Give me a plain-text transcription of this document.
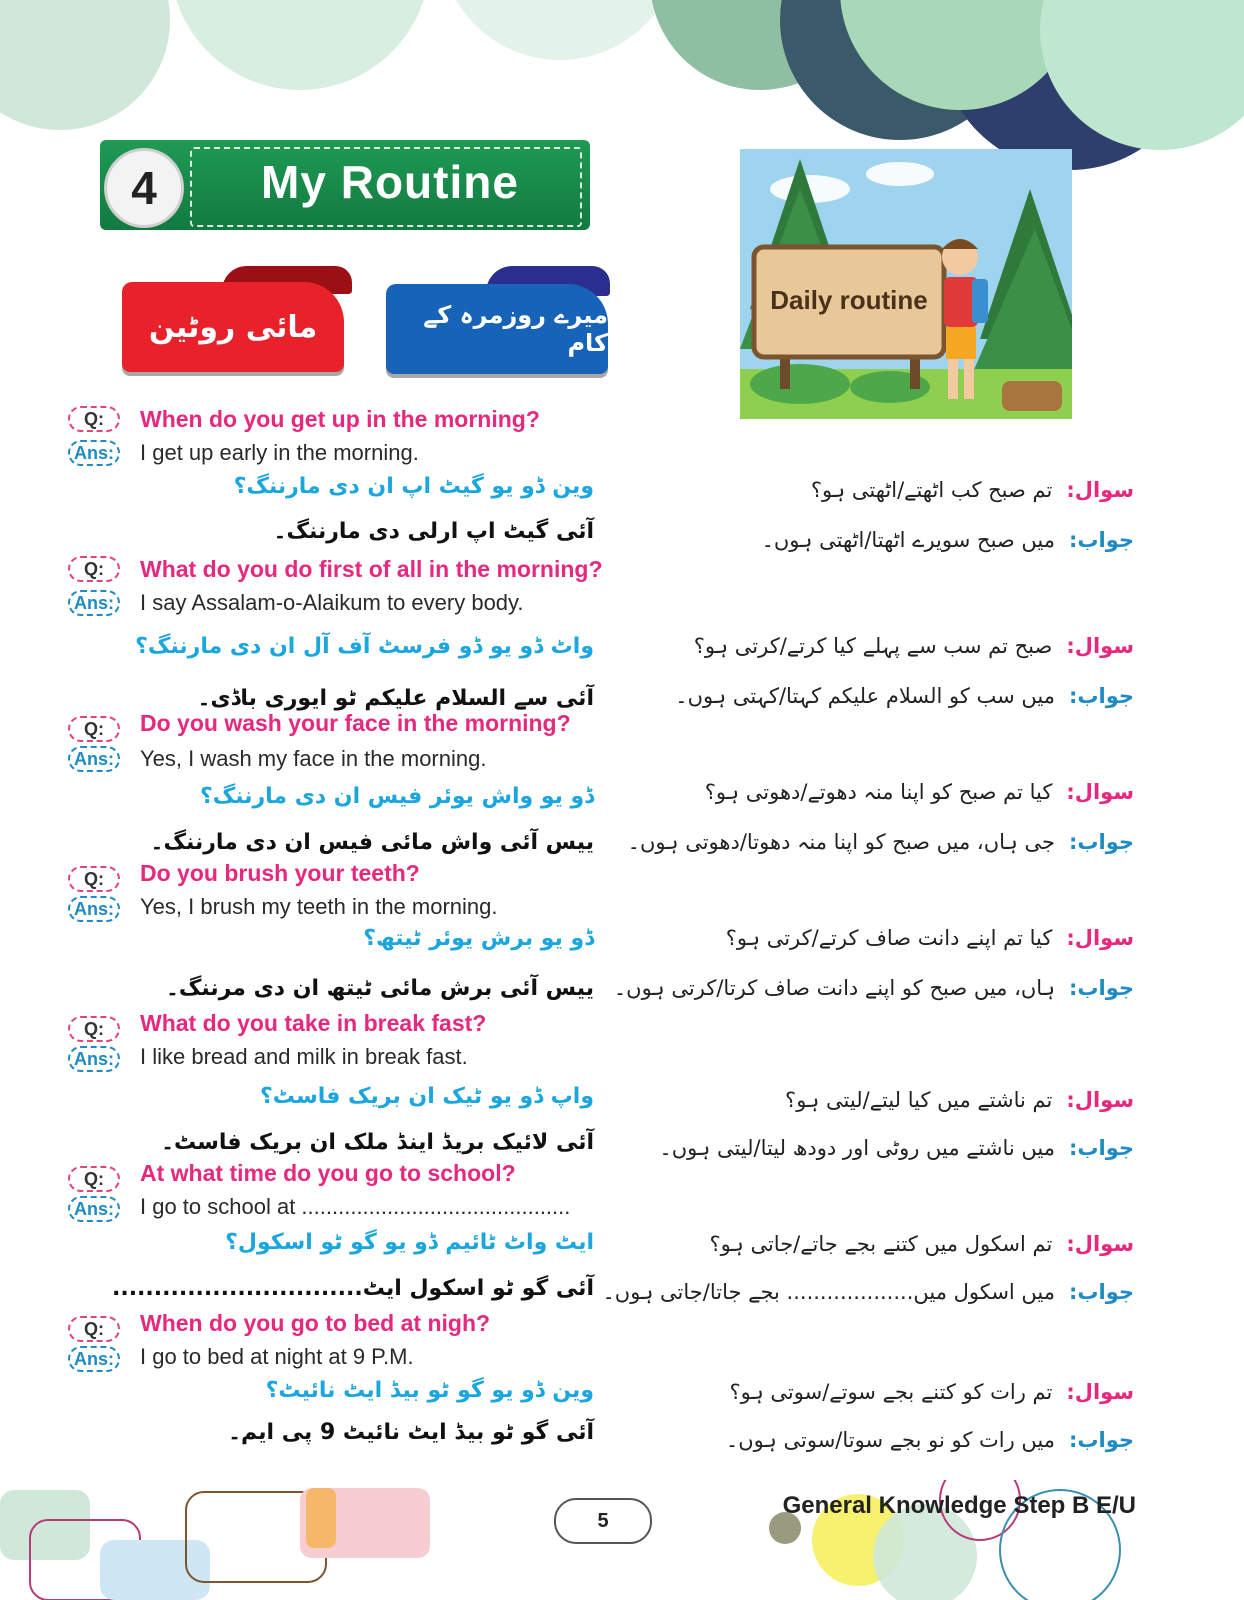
4	My Routine
مائی روٹین	میرے روزمرہ کے کام
Daily routine
Q:	When do you get up in the morning?
Ans: I get up early in the morning.
وین ڈو یو گیٹ اپ ان دی مارننگ؟
آئی گیٹ اپ ارلی دی مارننگ۔
سوال:تم صبح کب اٹھتے/اٹھتی ہو؟
جواب:میں صبح سویرے اٹھتا/اٹھتی ہوں۔
Q:	What do you do first of all in the morning?
Ans: I say Assalam-o-Alaikum to every body.
واٹ ڈو یو ڈو فرسٹ آف آل ان دی مارننگ؟
آئی سے السلام علیکم ٹو ایوری باڈی۔
سوال:صبح تم سب سے پہلے کیا کرتے/کرتی ہو؟
جواب:میں سب کو السلام علیکم کہتا/کہتی ہوں۔
Q:	Do you wash your face in the morning?
Ans: Yes, I wash my face in the morning.
ڈو یو واش یوئر فیس ان دی مارننگ؟
ییس آئی واش مائی فیس ان دی مارننگ۔
سوال:کیا تم صبح کو اپنا منہ دھوتے/دھوتی ہو؟
جواب:جی ہاں، میں صبح کو اپنا منہ دھوتا/دھوتی ہوں۔
Q:	Do you brush your teeth?
Ans: Yes, I brush my teeth in the morning.
ڈو یو برش یوئر ٹیتھ؟
ییس آئی برش مائی ٹیتھ ان دی مرننگ۔
سوال:کیا تم اپنے دانت صاف کرتے/کرتی ہو؟
جواب:ہاں، میں صبح کو اپنے دانت صاف کرتا/کرتی ہوں۔
Q:	What do you take in break fast?
Ans: I like bread and milk in break fast.
واپ ڈو یو ٹیک ان بریک فاسٹ؟
آئی لائیک بریڈ اینڈ ملک ان بریک فاسٹ۔
سوال:تم ناشتے میں کیا لیتے/لیتی ہو؟
جواب:میں ناشتے میں روٹی اور دودھ لیتا/لیتی ہوں۔
Q:	At what time do you go to school?
Ans: I go to school at ............................................
ایٹ واٹ ٹائیم ڈو یو گو ٹو اسکول؟
آئی گو ٹو اسکول ایٹ..............................
سوال:تم اسکول میں کتنے بجے جاتے/جاتی ہو؟
جواب:میں اسکول میں................... بجے جاتا/جاتی ہوں۔
Q:	When do you go to bed at nigh?
Ans: I go to bed at night at 9 P.M.
وین ڈو یو گو ٹو بیڈ ایٹ نائیٹ؟
آئی گو ٹو بیڈ ایٹ نائیٹ 9 پی ایم۔
سوال:تم رات کو کتنے بجے سوتے/سوتی ہو؟
جواب:میں رات کو نو بجے سوتا/سوتی ہوں۔
5
General Knowledge Step B E/U
